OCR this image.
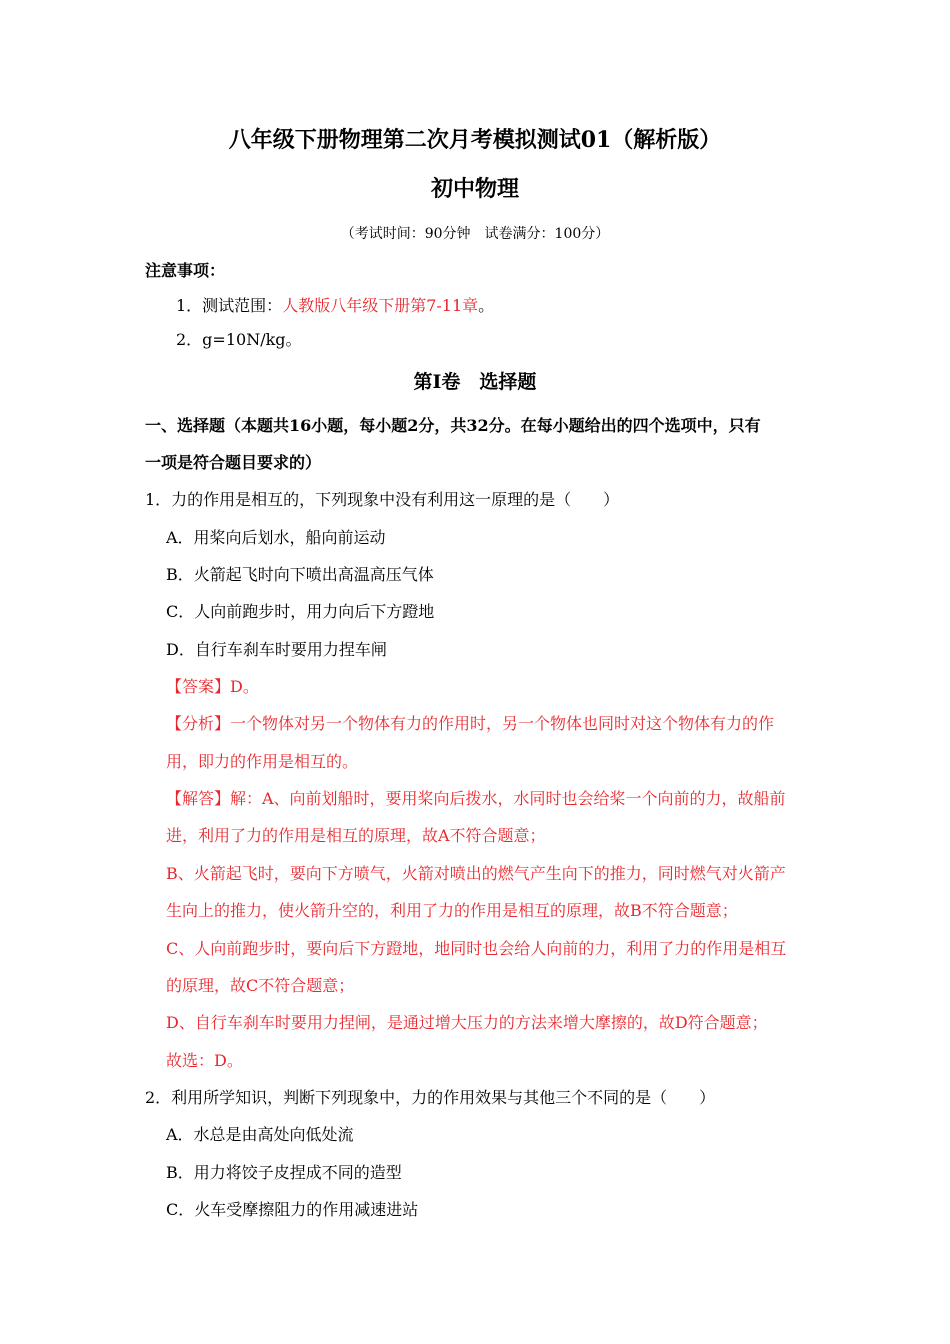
八年级下册物理第二次月考模拟测试01（解析版）
初中物理
（考试时间：90分钟　试卷满分：100分）
注意事项：
1．测试范围：人教版八年级下册第7-11章。
2．g=10N/kg。
第Ⅰ卷　选择题
一、选择题（本题共16小题，每小题2分，共32分。在每小题给出的四个选项中，只有
一项是符合题目要求的）
1．力的作用是相互的，下列现象中没有利用这一原理的是（　　）
A．用桨向后划水，船向前运动
B．火箭起飞时向下喷出高温高压气体
C．人向前跑步时，用力向后下方蹬地
D．自行车刹车时要用力捏车闸
【答案】D。
【分析】一个物体对另一个物体有力的作用时，另一个物体也同时对这个物体有力的作
用，即力的作用是相互的。
【解答】解：A、向前划船时，要用桨向后拨水，水同时也会给桨一个向前的力，故船前
进，利用了力的作用是相互的原理，故A不符合题意；
B、火箭起飞时，要向下方喷气，火箭对喷出的燃气产生向下的推力，同时燃气对火箭产
生向上的推力，使火箭升空的，利用了力的作用是相互的原理，故B不符合题意；
C、人向前跑步时，要向后下方蹬地，地同时也会给人向前的力，利用了力的作用是相互
的原理，故C不符合题意；
D、自行车刹车时要用力捏闸，是通过增大压力的方法来增大摩擦的，故D符合题意；
故选：D。
2．利用所学知识，判断下列现象中，力的作用效果与其他三个不同的是（　　）
A．水总是由高处向低处流
B．用力将饺子皮捏成不同的造型
C．火车受摩擦阻力的作用减速进站
